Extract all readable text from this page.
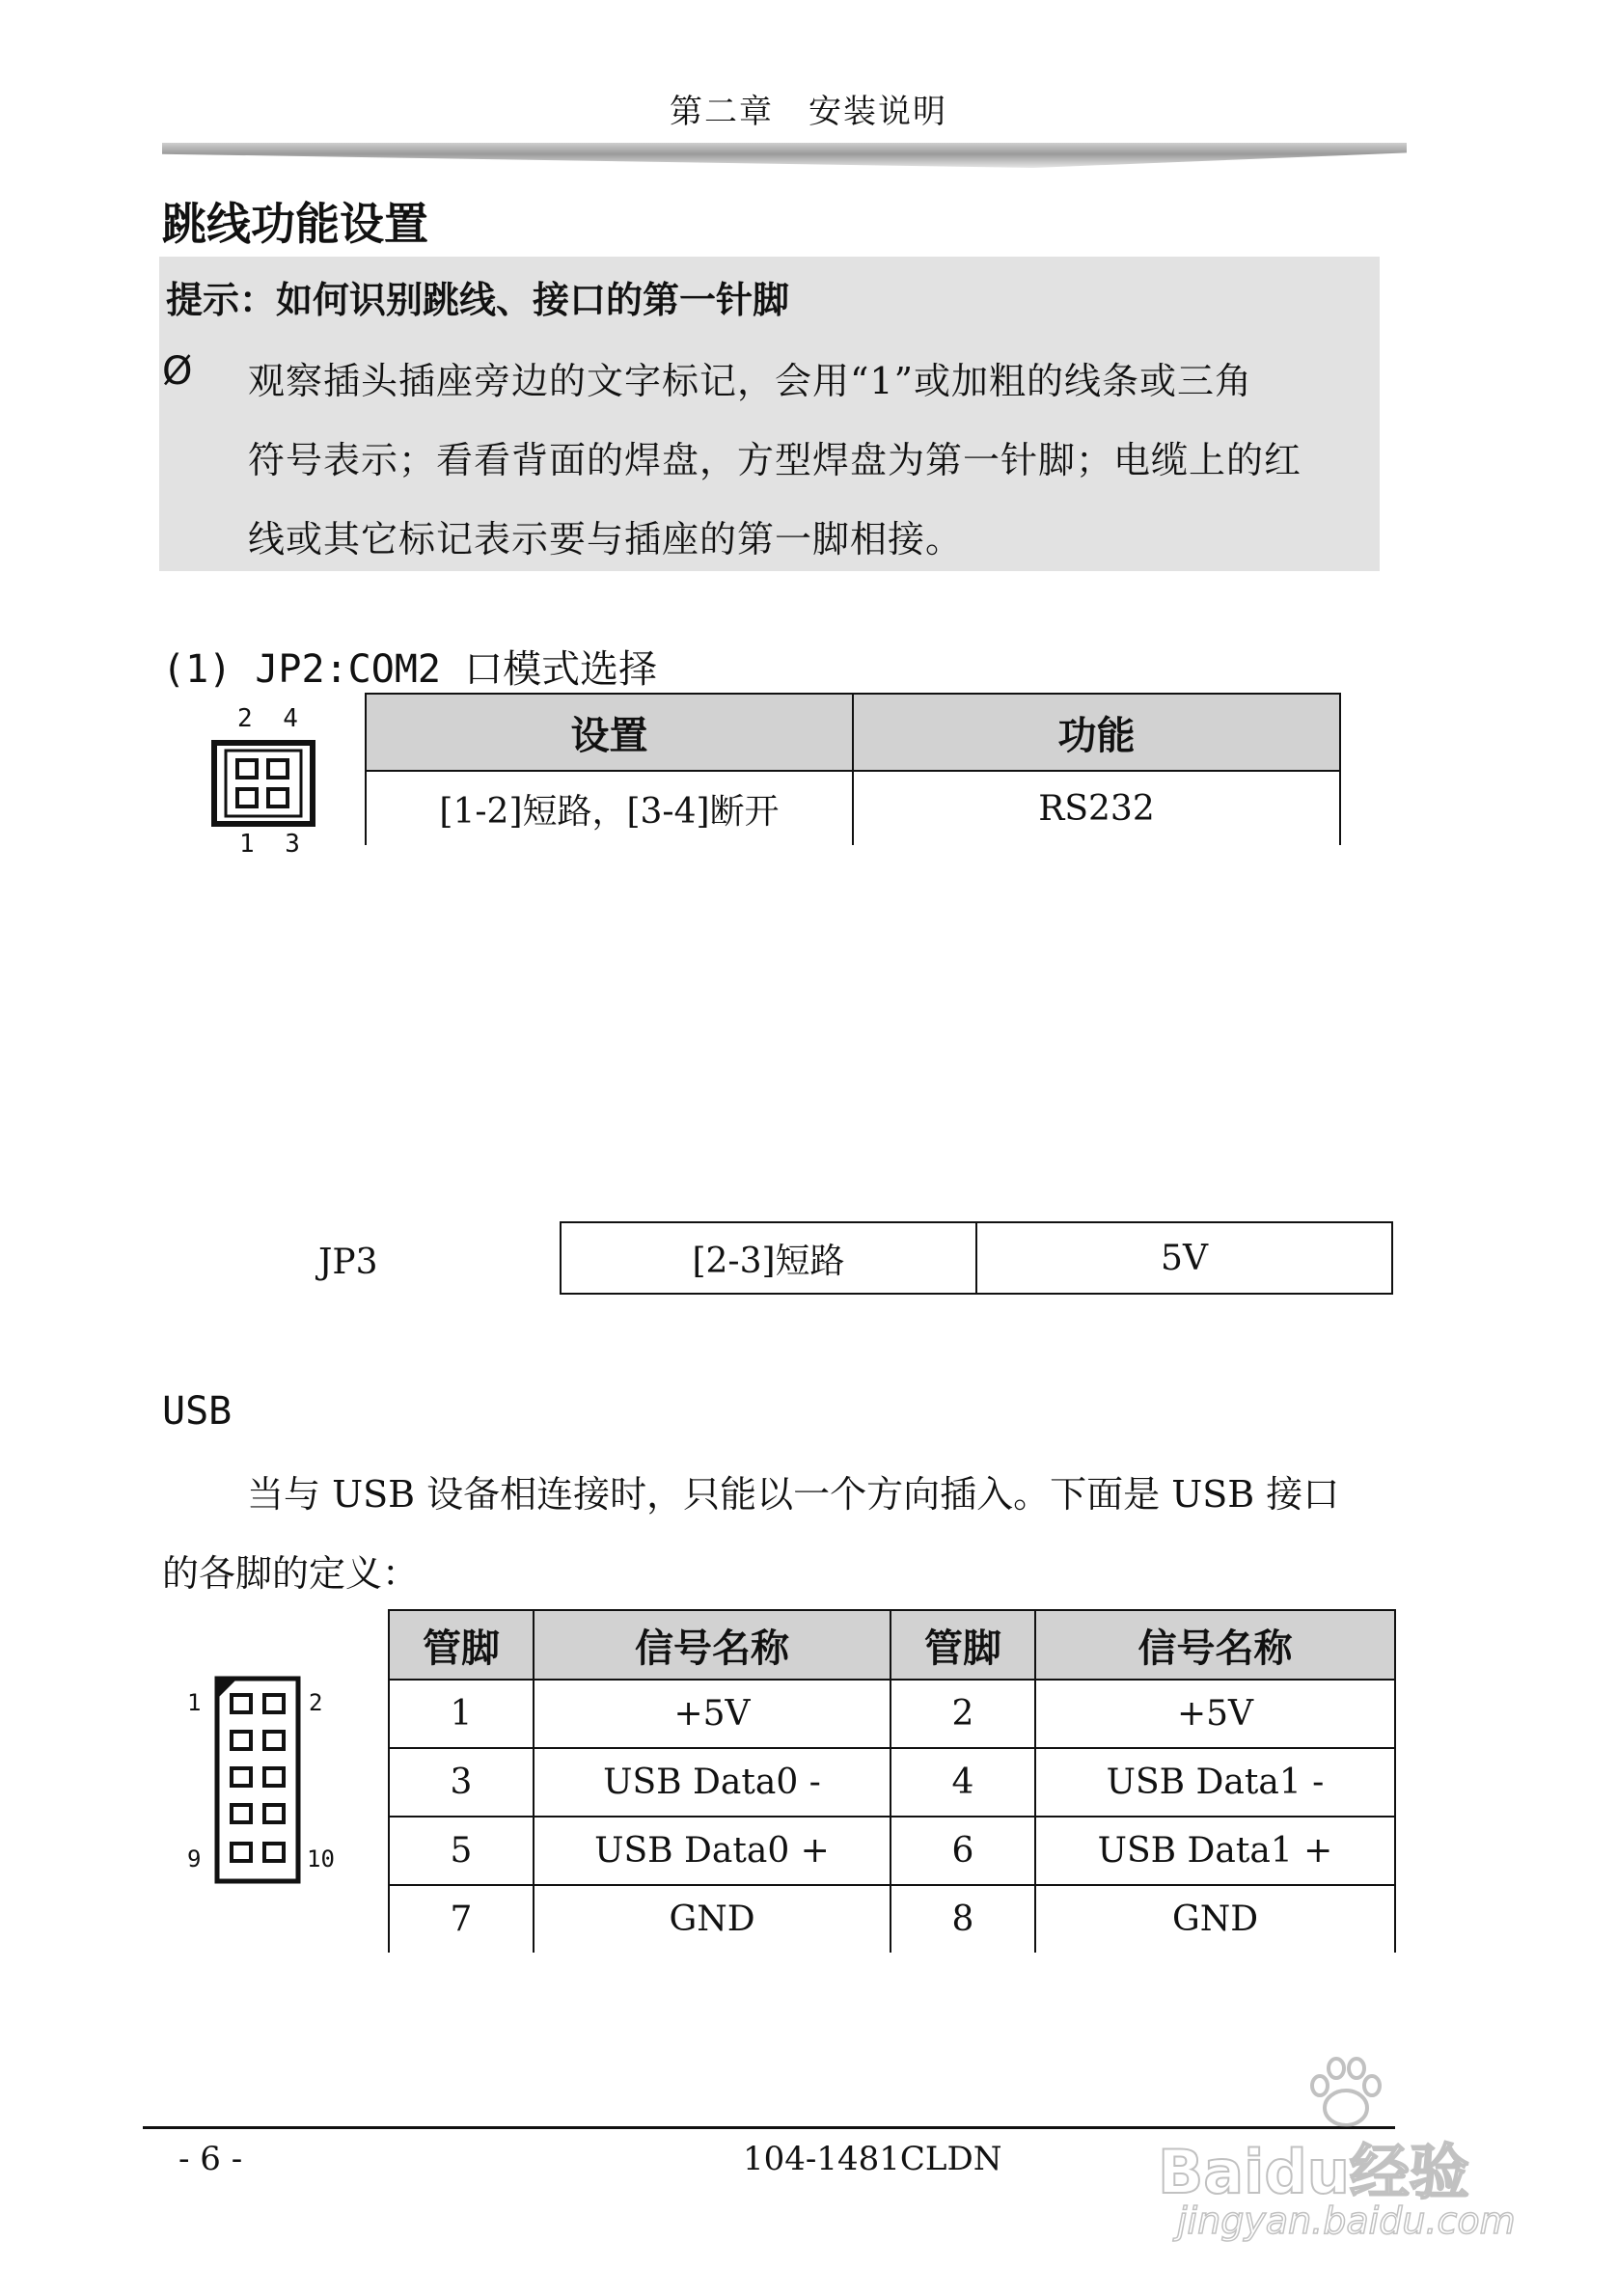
第二章　安装说明
跳线功能设置
提示：如何识别跳线、接口的第一针脚
Ø 观察插头插座旁边的文字标记，会用“1”或加粗的线条或三角
符号表示；看看背面的焊盘，方型焊盘为第一针脚；电缆上的红
线或其它标记表示要与插座的第一脚相接。
(1) JP2:COM2 口模式选择
2 4
1 3
设置	功能
[1-2]短路，[3-4]断开	RS232
JP3	[2-3]短路	5V
USB
当与 USB 设备相连接时，只能以一个方向插入。下面是 USB 接口
的各脚的定义：
1	2
9	10
管脚	信号名称	管脚	信号名称
1	+5V	2	+5V
3	USB Data0 -	4	USB Data1 -
5	USB Data0 +	6	USB Data1 +
7	GND	8	GND
- 6 -	104-1481CLDN	Baidu经验
jingyan.baidu.com
